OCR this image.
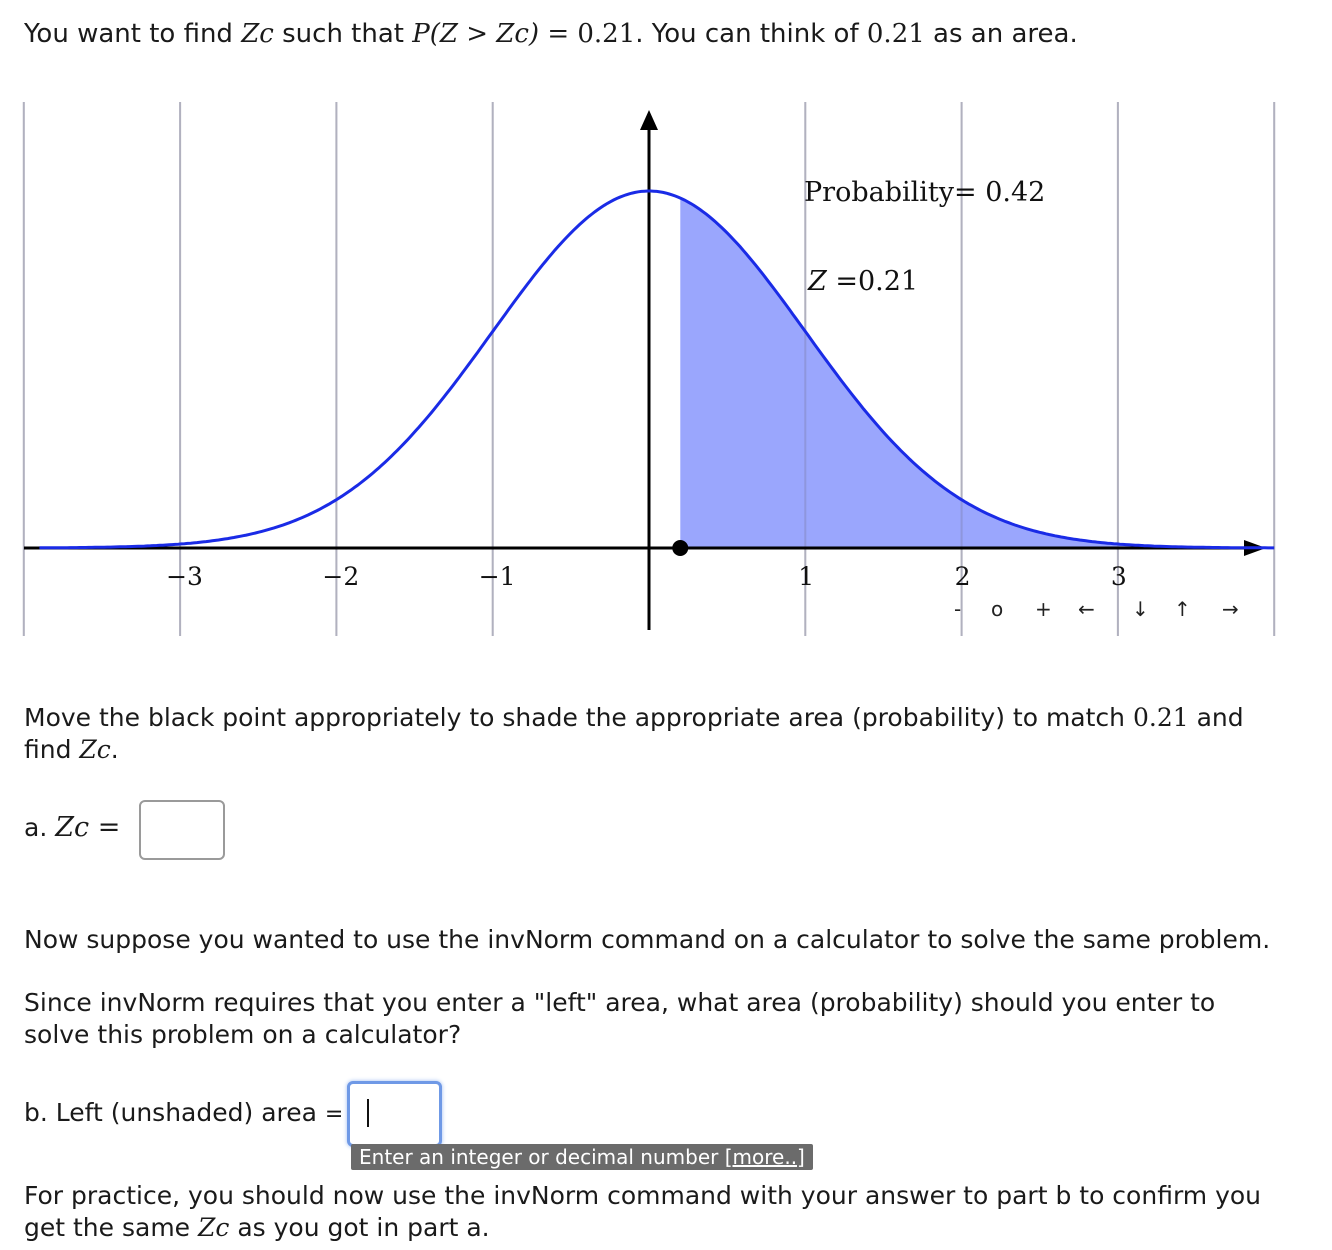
You want to find Zc such that P(Z > Zc) = 0.21. You can think of 0.21 as an area.

−3	−2	−1	1	2	3
Probability= 0.42
Z =0.21
- o + ← ↓ ↑ →

Move the black point appropriately to shade the appropriate area (probability) to match 0.21 and
find Zc.

a. Zc =

Now suppose you wanted to use the invNorm command on a calculator to solve the same problem.

Since invNorm requires that you enter a "left" area, what area (probability) should you enter to
solve this problem on a calculator?

b. Left (unshaded) area =

Enter an integer or decimal number [more..]

For practice, you should now use the invNorm command with your answer to part b to confirm you
get the same Zc as you got in part a.
